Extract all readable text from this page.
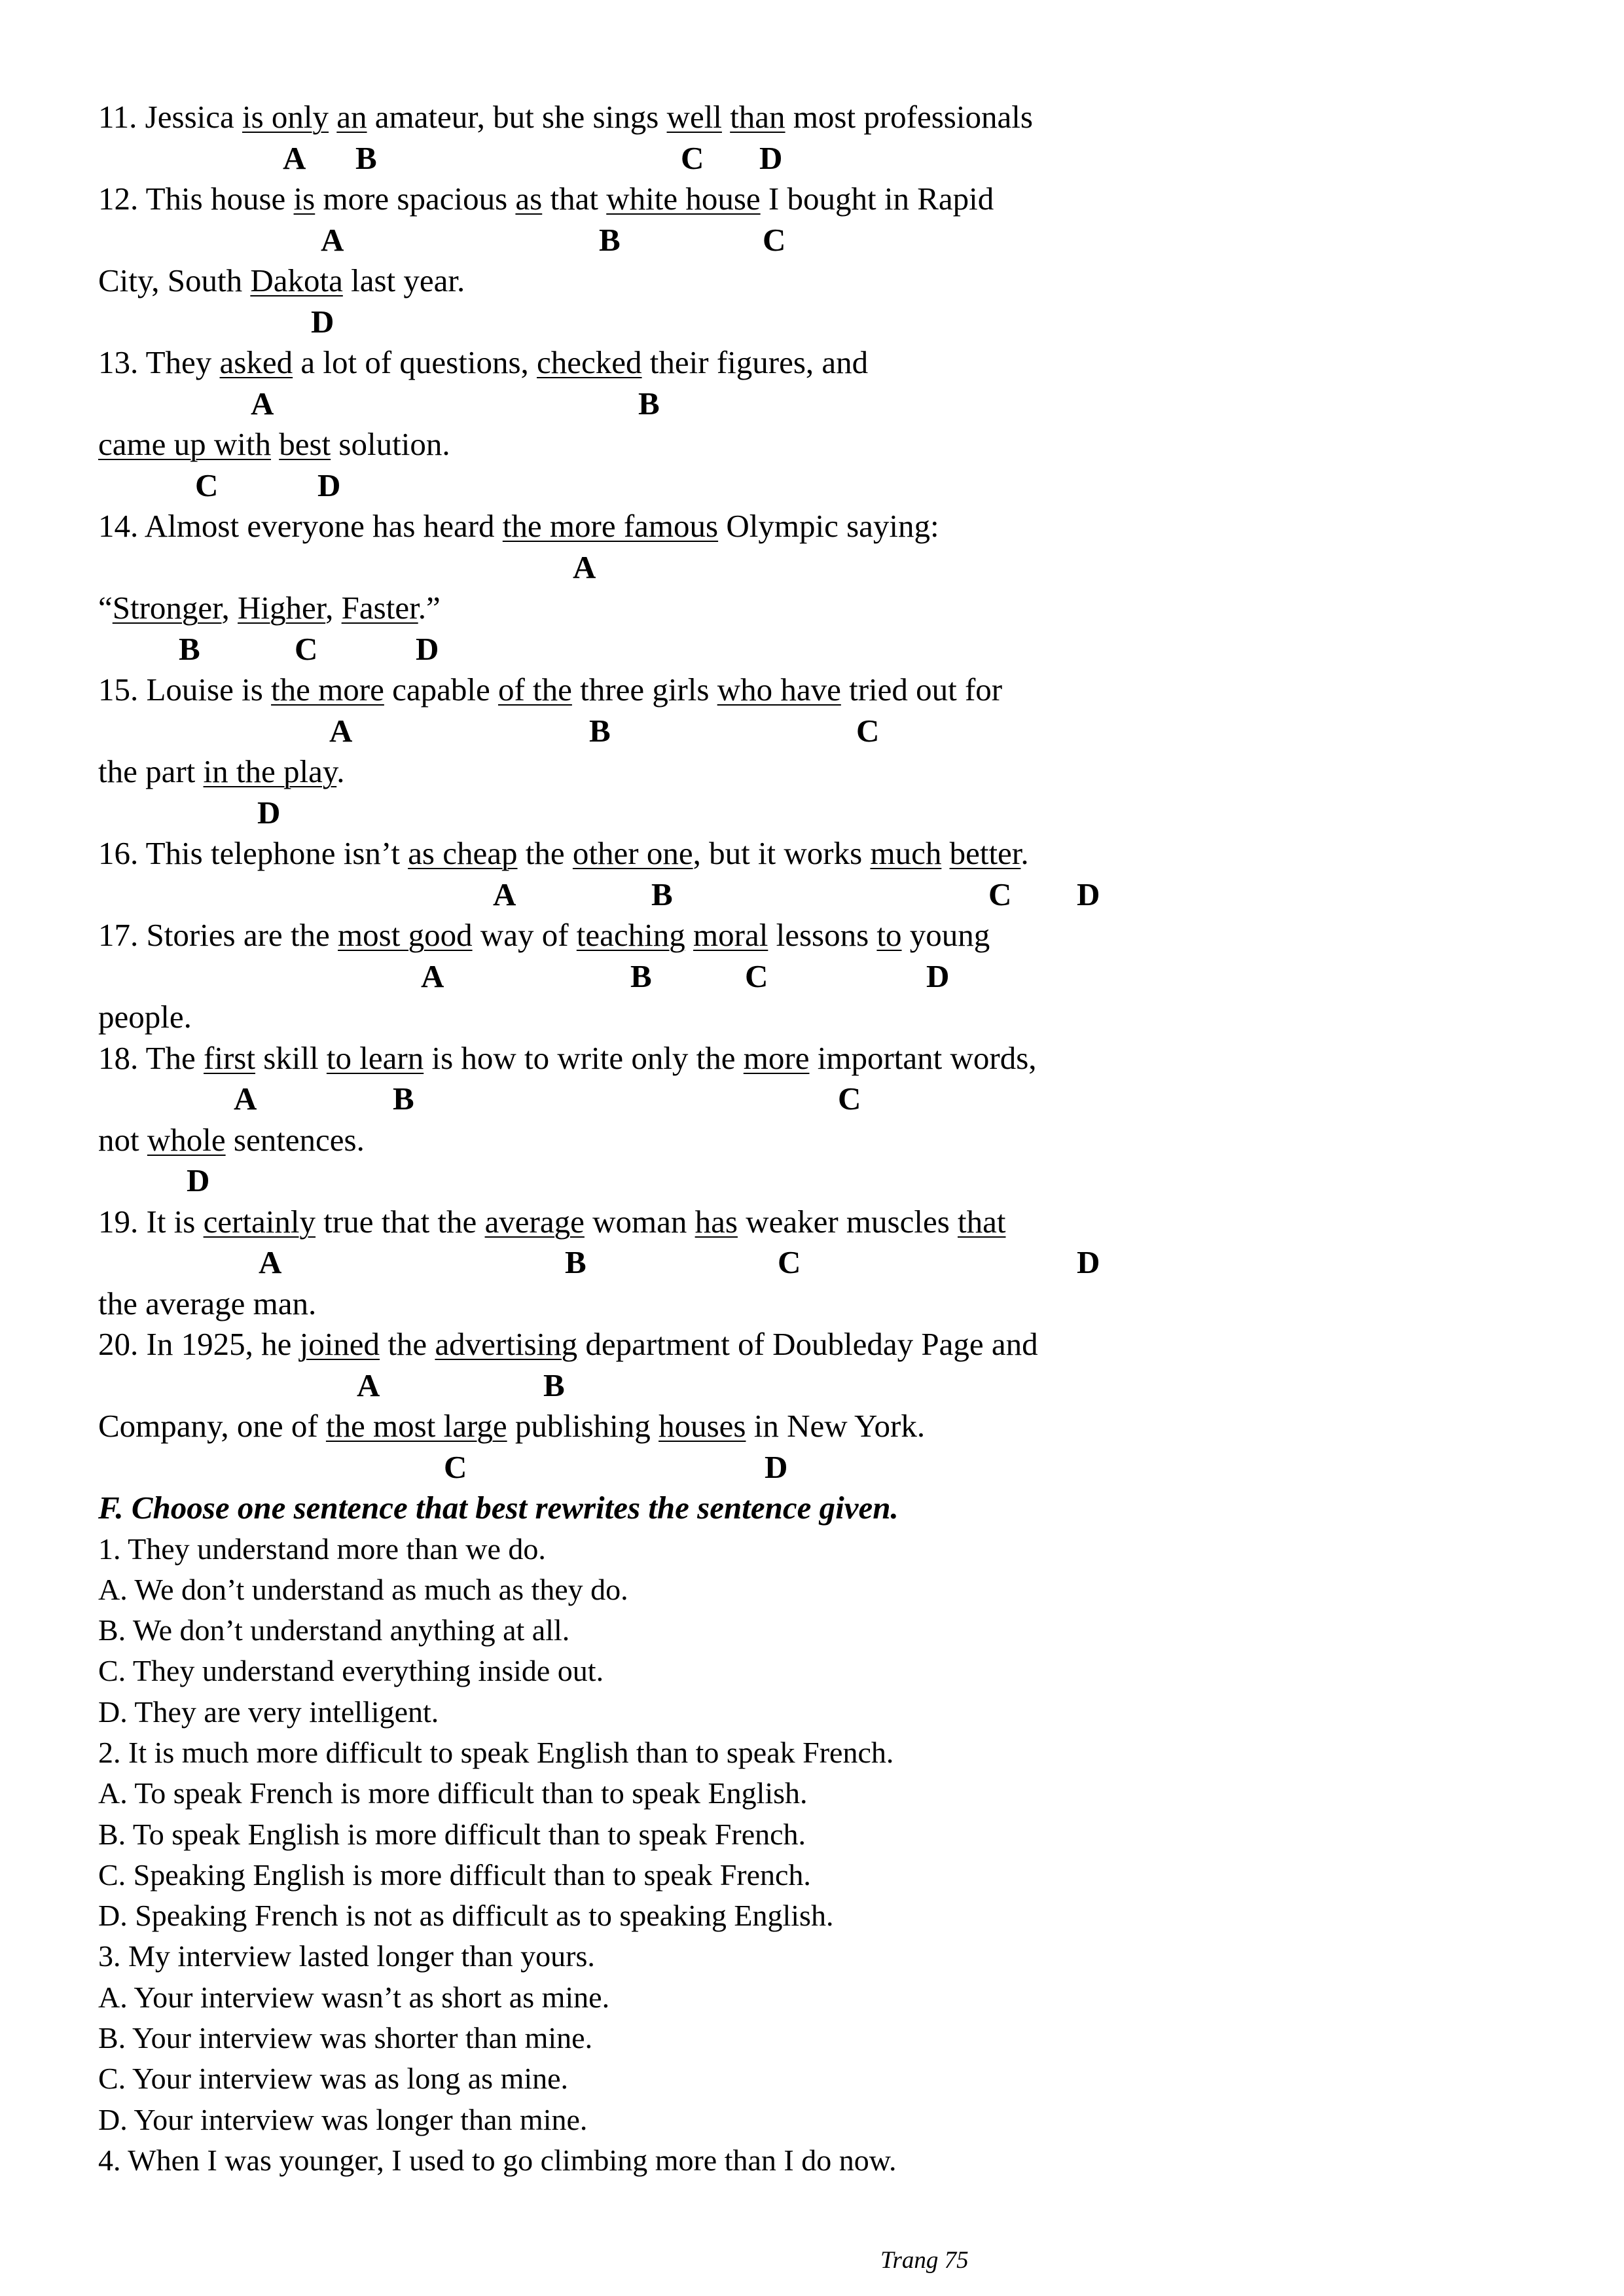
11. Jessica is only an amateur, but she sings well than most professionals
A B	C D
12. This house is more spacious as that white house I bought in Rapid
A	B	C
City, South Dakota last year.
D
13. They asked a lot of questions, checked their figures, and
A	B
came up with best solution.
C	D
14. Almost everyone has heard the more famous Olympic saying:
A
“Stronger, Higher, Faster.”
B	C	D
15. Louise is the more capable of the three girls who have tried out for
A	B	C
the part in the play.
D
16. This telephone isn’t as cheap the other one, but it works much better.
A	B	C D
17. Stories are the most good way of teaching moral lessons to young
A	B	C	D
people.
18. The first skill to learn is how to write only the more important words,
A	B	C
not whole sentences.
D
19. It is certainly true that the average woman has weaker muscles that
A	B	C	D
the average man.
20. In 1925, he joined the advertising department of Doubleday Page and
A	B
Company, one of the most large publishing houses in New York.
C	D
F. Choose one sentence that best rewrites the sentence given.
1. They understand more than we do.
A. We don’t understand as much as they do.
B. We don’t understand anything at all.
C. They understand everything inside out.
D. They are very intelligent.
2. It is much more difficult to speak English than to speak French.
A. To speak French is more difficult than to speak English.
B. To speak English is more difficult than to speak French.
C. Speaking English is more difficult than to speak French.
D. Speaking French is not as difficult as to speaking English.
3. My interview lasted longer than yours.
A. Your interview wasn’t as short as mine.
B. Your interview was shorter than mine.
C. Your interview was as long as mine.
D. Your interview was longer than mine.
4. When I was younger, I used to go climbing more than I do now.
Trang 75
